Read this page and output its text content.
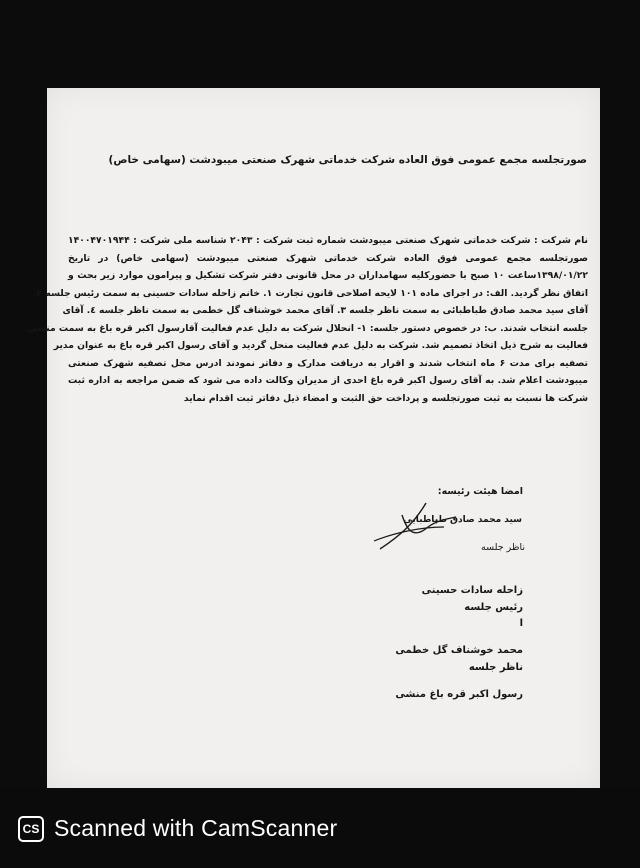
صورتجلسه مجمع عمومی فوق العاده شرکت خدماتی شهرک صنعتی میبودشت (سهامی خاص)
نام شرکت : شرکت خدماتی شهرک صنعتی میبودشت شماره ثبت شرکت : ۲۰۴۳ شناسه ملی شرکت : ۱۴۰۰۴۷۰۱۹۴۴
صورتجلسه مجمع عمومی فوق العاده شرکت خدماتی شهرک صنعتی میبودشت (سهامی خاص) در تاریخ
۱۳۹۸/۰۱/۲۲ساعت ۱۰ صبح با حضورکلیه سهامداران در محل قانونی دفتر شرکت تشکیل و پیرامون موارد زیر بحث و
اتفاق نظر گردید. الف: در اجرای ماده ۱۰۱ لایحه اصلاحی قانون تجارت ۱. خانم زاحله سادات حسینی به سمت رئیس جلسه ۲.
آقای سید محمد صادق طباطبائی به سمت ناظر جلسه ۳. آقای محمد خوشناف گل خطمی به سمت ناظر جلسه ٤. آقای
جلسه انتخاب شدند. ب: در خصوص دستور جلسه: ۱- انحلال شرکت به دلیل عدم فعالیت آقارسول اکبر قره باغ به سمت منشی
فعالیت به شرح ذیل اتخاذ تصمیم شد. شرکت به دلیل عدم فعالیت منحل گردید و آقای رسول اکبر قره باغ به عنوان مدیر
تصفیه برای مدت ۶ ماه انتخاب شدند و اقرار به دریافت مدارک و دفاتر نمودند ادرس محل تصفیه شهرک صنعتی
میبودشت اعلام شد. به آقای رسول اکبر قره باغ احدی از مدیران وکالت داده می شود که ضمن مراجعه به اداره ثبت
شرکت ها نسبت به ثبت صورتجلسه و پرداخت حق الثبت و امضاء ذیل دفاتر ثبت اقدام نماید
امضا هیئت رئیسه:
سید محمد صادق طباطبایی
ناظر جلسه
زاحله سادات حسینی
رئیس جلسه
ا
محمد خوشناف گل خطمی
ناظر جلسه
رسول اکبر قره باغ منشی
CS Scanned with CamScanner
